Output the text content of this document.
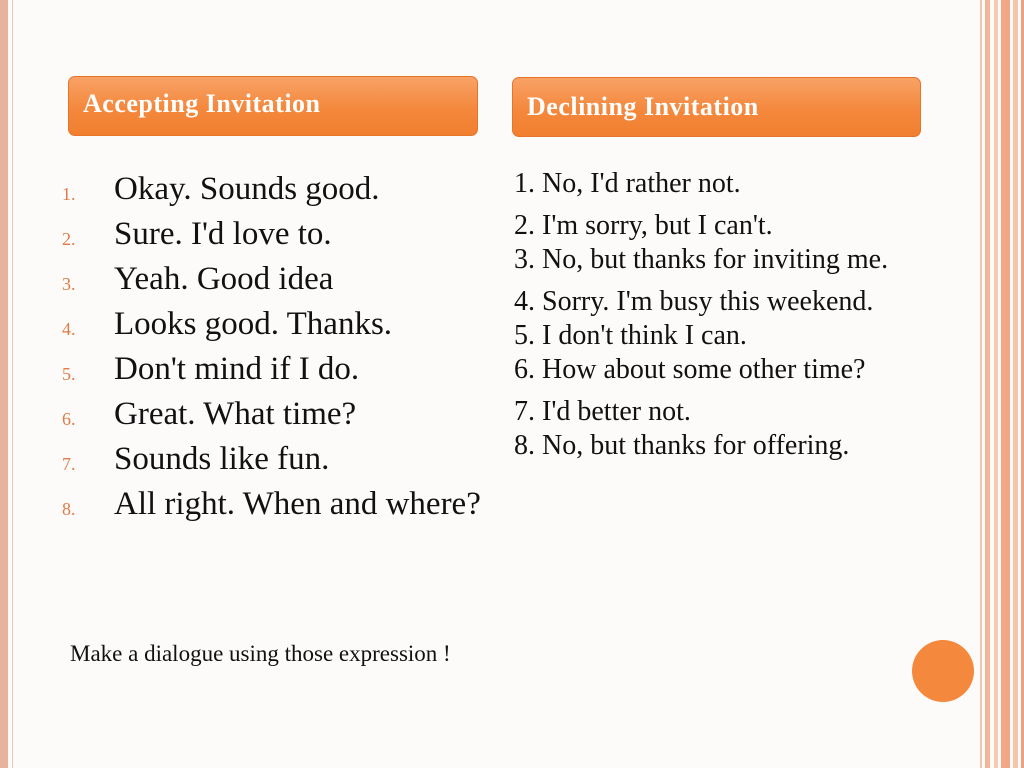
Accepting Invitation	Declining Invitation
1.	Okay. Sounds good.
2.	Sure. I'd love to.
3.	Yeah. Good idea
4.	Looks good. Thanks.
5.	Don't mind if I do.
6.	Great. What time?
7.	Sounds like fun.
8.	All right. When and where?
1. No, I'd rather not.
2. I'm sorry, but I can't.
3. No, but thanks for inviting me.
4. Sorry. I'm busy this weekend.
5. I don't think I can.
6. How about some other time?
7. I'd better not.
8. No, but thanks for offering.
Make a dialogue using those expression !
